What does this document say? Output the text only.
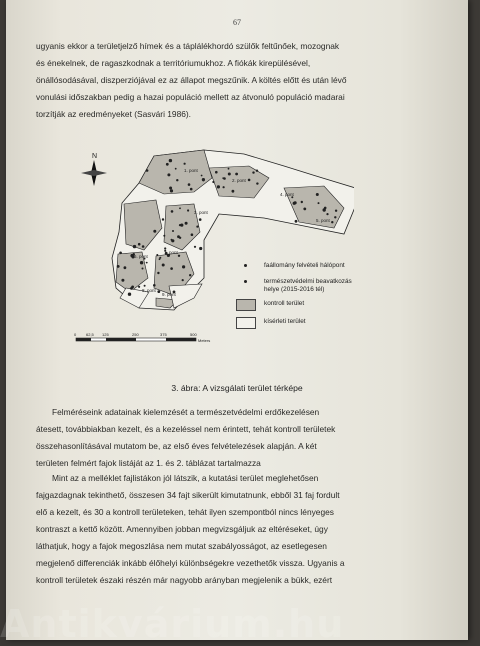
67
ugyanis ekkor a területjelző hímek és a táplálékhordó szülők feltűnőek, mozognak
és énekelnek, de ragaszkodnak a territóriumukhoz. A fiókák kirepülésével,
önállósodásával, diszperziójával ez az állapot megszűnik. A költés előtt és után lévő
vonulási időszakban pedig a hazai populáció mellett az átvonuló populáció madarai
torzítják az eredményeket (Sasvári 1986).
N
1. pont
2. pont
3. pont
4. pont
5. pont
6. pont
7. pont
8. pont
9. pont
0 62,5 125	250	375	500
Meters
faállomány felvételi hálópont
természetvédelmi beavatkozás
helye (2015-2016 tél)
kontroll terület
kísérleti terület
3. ábra: A vizsgálati terület térképe
Felméréseink adatainak kielemzését a természetvédelmi erdőkezelésen
átesett, továbbiakban kezelt, és a kezeléssel nem érintett, tehát kontroll területek
összehasonlításával mutatom be, az első éves felvételezések alapján. A két
területen felmért fajok listáját az 1. és 2. táblázat tartalmazza
Mint az a melléklet fajlistákon jól látszik, a kutatási terület meglehetősen
fajgazdagnak tekinthető, összesen 34 fajt sikerült kimutatnunk, ebből 31 faj fordult
elő a kezelt, és 30 a kontroll területeken, tehát ilyen szempontból nincs lényeges
kontraszt a kettő között. Amennyiben jobban megvizsgáljuk az eltéréseket, úgy
láthatjuk, hogy a fajok megoszlása nem mutat szabályosságot, az esetlegesen
megjelenő differenciák inkább élőhelyi különbségekre vezethetők vissza. Ugyanis a
kontroll területek északi részén már nagyobb arányban megjelenik a bükk, ezért
Antikvárium.hu
